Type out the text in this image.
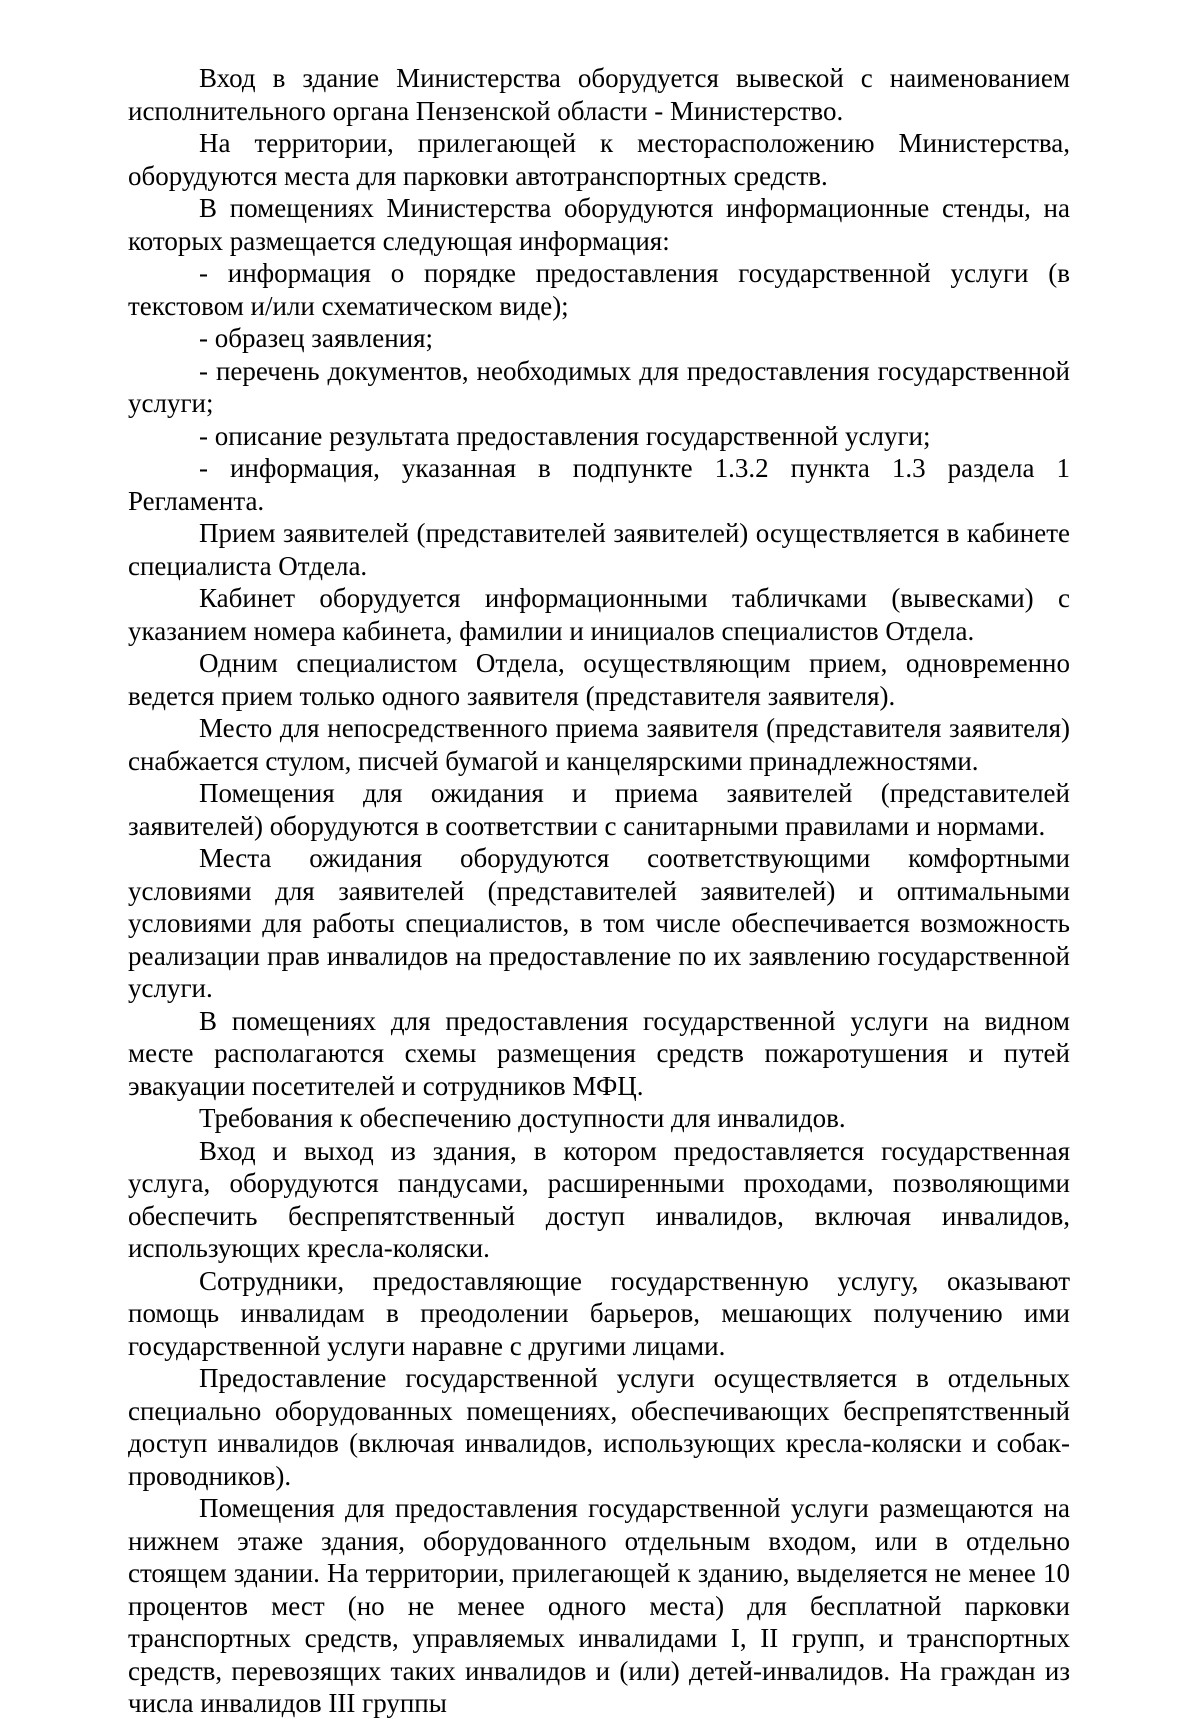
Вход в здание Министерства оборудуется вывеской с наименованием исполнительного органа Пензенской области - Министерство.

На территории, прилегающей к месторасположению Министерства, оборудуются места для парковки автотранспортных средств.

В помещениях Министерства оборудуются информационные стенды, на которых размещается следующая информация:

- информация о порядке предоставления государственной услуги (в текстовом и/или схематическом виде);

- образец заявления;

- перечень документов, необходимых для предоставления государственной услуги;

- описание результата предоставления государственной услуги;

- информация, указанная в подпункте 1.3.2 пункта 1.3 раздела 1 Регламента.

Прием заявителей (представителей заявителей) осуществляется в кабинете специалиста Отдела.

Кабинет оборудуется информационными табличками (вывесками) с указанием номера кабинета, фамилии и инициалов специалистов Отдела.

Одним специалистом Отдела, осуществляющим прием, одновременно ведется прием только одного заявителя (представителя заявителя).

Место для непосредственного приема заявителя (представителя заявителя) снабжается стулом, писчей бумагой и канцелярскими принадлежностями.

Помещения для ожидания и приема заявителей (представителей заявителей) оборудуются в соответствии с санитарными правилами и нормами.

Места ожидания оборудуются соответствующими комфортными условиями для заявителей (представителей заявителей) и оптимальными условиями для работы специалистов, в том числе обеспечивается возможность реализации прав инвалидов на предоставление по их заявлению государственной услуги.

В помещениях для предоставления государственной услуги на видном месте располагаются схемы размещения средств пожаротушения и путей эвакуации посетителей и сотрудников МФЦ.

Требования к обеспечению доступности для инвалидов.

Вход и выход из здания, в котором предоставляется государственная услуга, оборудуются пандусами, расширенными проходами, позволяющими обеспечить беспрепятственный доступ инвалидов, включая инвалидов, использующих кресла-коляски.

Сотрудники, предоставляющие государственную услугу, оказывают помощь инвалидам в преодолении барьеров, мешающих получению ими государственной услуги наравне с другими лицами.

Предоставление государственной услуги осуществляется в отдельных специально оборудованных помещениях, обеспечивающих беспрепятственный доступ инвалидов (включая инвалидов, использующих кресла-коляски и собак-проводников).

Помещения для предоставления государственной услуги размещаются на нижнем этаже здания, оборудованного отдельным входом, или в отдельно стоящем здании. На территории, прилегающей к зданию, выделяется не менее 10 процентов мест (но не менее одного места) для бесплатной парковки транспортных средств, управляемых инвалидами I, II групп, и транспортных средств, перевозящих таких инвалидов и (или) детей-инвалидов. На граждан из числа инвалидов III группы
